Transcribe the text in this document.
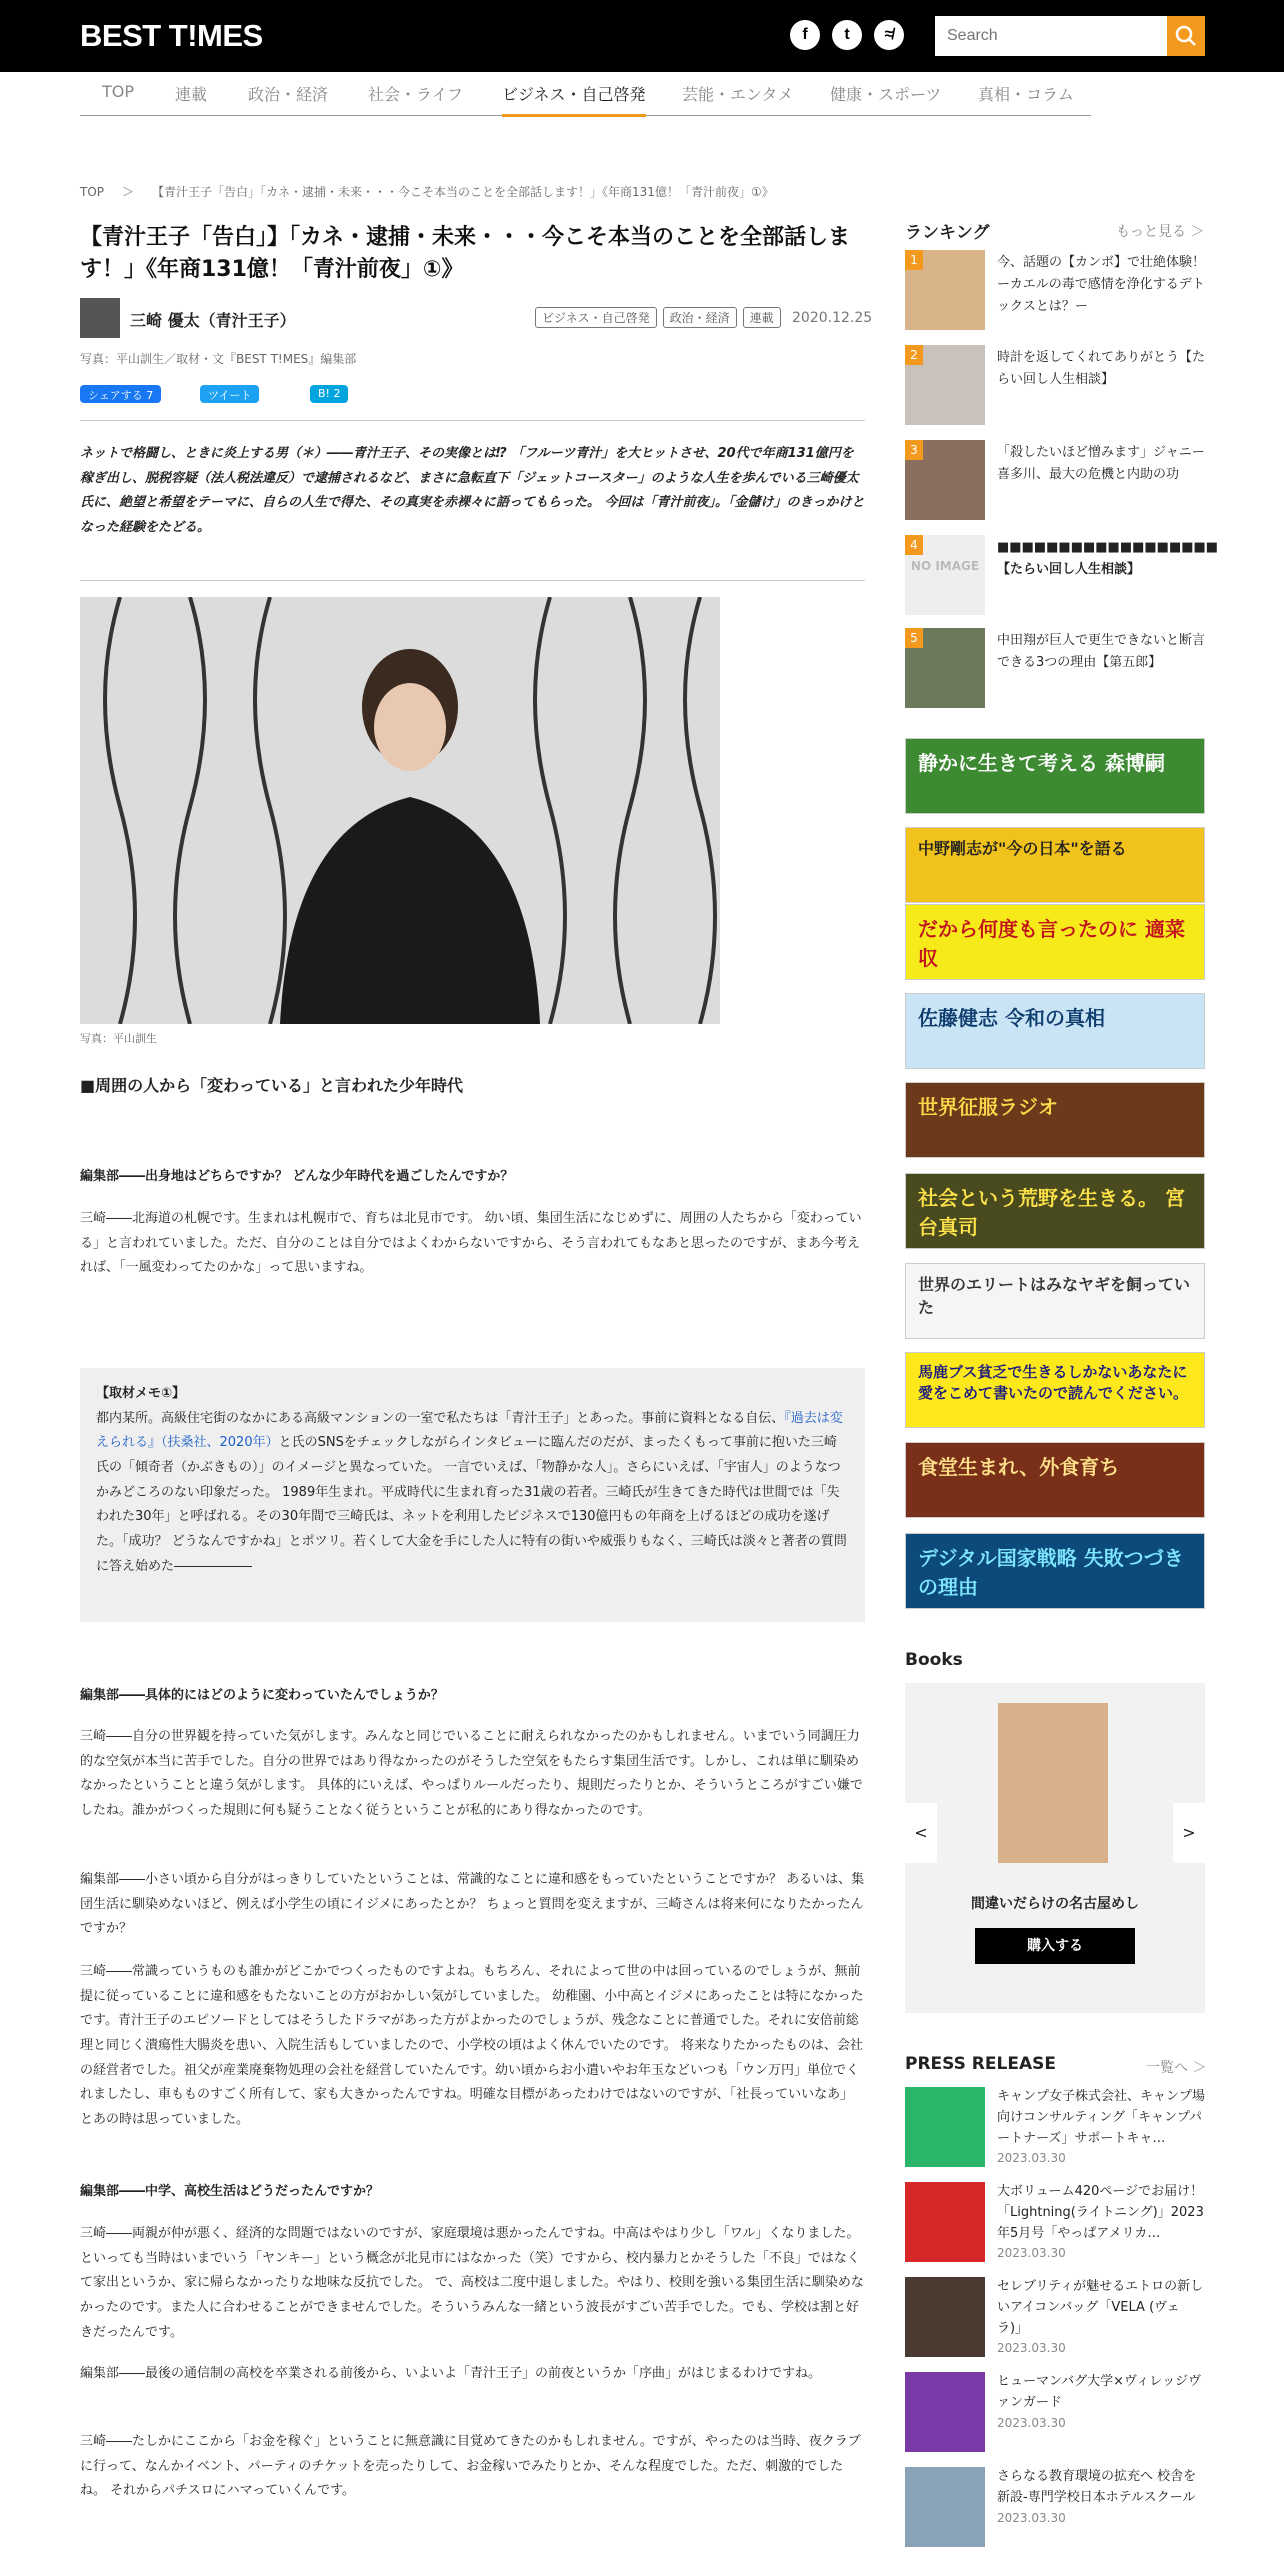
BEST T!MES	f	t	≉
Search
TOP	連載	政治・経済 社会・ライフ ビジネス・自己啓発 芸能・エンタメ 健康・スポーツ 真相・コラム
TOP ＞ 【青汁王子「告白」「カネ・逮捕・未来・・・今こそ本当のことを全部話します！」《年商131億！「青汁前夜」①》
【青汁王子「告白」】「カネ・逮捕・未来・・・今こそ本当のことを全部話します！」《年商131億！「青汁前夜」①》
三崎 優太（青汁王子）	ビジネス・自己啓発 政治・経済 連載	2020.12.25
写真：平山訓生／取材・文『BEST T!MES』編集部
シェアする 7	ツイート	B! 2

ネットで格闘し、ときに炎上する男（＊）――青汁王子、その実像とは⁉ 「フルーツ青汁」を大ヒットさせ、20代で年商131億円を稼ぎ出し、脱税容疑（法人税法違反）で逮捕されるなど、まさに急転直下「ジェットコースター」のような人生を歩んでいる三崎優太氏に、絶望と希望をテーマに、自らの人生で得た、その真実を赤裸々に語ってもらった。 今回は「青汁前夜」。「金儲け」のきっかけとなった経験をたどる。

写真：平山訓生
■周囲の人から「変わっている」と言われた少年時代

編集部――出身地はどちらですか？ どんな少年時代を過ごしたんですか？

三崎――北海道の札幌です。生まれは札幌市で、育ちは北見市です。 幼い頃、集団生活になじめずに、周囲の人たちから「変わっている」と言われていました。ただ、自分のことは自分ではよくわからないですから、そう言われてもなあと思ったのですが、まあ今考えれば、「一風変わってたのかな」って思いますね。

【取材メモ①】
都内某所。高級住宅街のなかにある高級マンションの一室で私たちは「青汁王子」とあった。事前に資料となる自伝、『過去は変えられる』（扶桑社、2020年）と氏のSNSをチェックしながらインタビューに臨んだのだが、まったくもって事前に抱いた三崎氏の「傾奇者（かぶきもの）」のイメージと異なっていた。 一言でいえば、「物静かな人」。さらにいえば、「宇宙人」のようなつかみどころのない印象だった。 1989年生まれ。平成時代に生まれ育った31歳の若者。三崎氏が生きてきた時代は世間では「失われた30年」と呼ばれる。その30年間で三崎氏は、ネットを利用したビジネスで130億円もの年商を上げるほどの成功を遂げた。「成功？ どうなんですかね」とポツリ。若くして大金を手にした人に特有の街いや威張りもなく、三崎氏は淡々と著者の質問に答え始めた――――――

編集部――具体的にはどのように変わっていたんでしょうか？

三崎――自分の世界観を持っていた気がします。みんなと同じでいることに耐えられなかったのかもしれません。いまでいう同調圧力的な空気が本当に苦手でした。自分の世界ではあり得なかったのがそうした空気をもたらす集団生活です。しかし、これは単に馴染めなかったということと違う気がします。 具体的にいえば、やっぱりルールだったり、規則だったりとか、そういうところがすごい嫌でしたね。誰かがつくった規則に何も疑うことなく従うということが私的にあり得なかったのです。

編集部――小さい頃から自分がはっきりしていたということは、常識的なことに違和感をもっていたということですか？ あるいは、集団生活に馴染めないほど、例えば小学生の頃にイジメにあったとか？ ちょっと質問を変えますが、三崎さんは将来何になりたかったんですか？

三崎――常識っていうものも誰かがどこかでつくったものですよね。もちろん、それによって世の中は回っているのでしょうが、無前提に従っていることに違和感をもたないことの方がおかしい気がしていました。 幼稚園、小中高とイジメにあったことは特になかったです。青汁王子のエピソードとしてはそうしたドラマがあった方がよかったのでしょうが、残念なことに普通でした。それに安倍前総理と同じく潰瘍性大腸炎を患い、入院生活もしていましたので、小学校の頃はよく休んでいたのです。 将来なりたかったものは、会社の経営者でした。祖父が産業廃棄物処理の会社を経営していたんです。幼い頃からお小遣いやお年玉などいつも「ウン万円」単位でくれましたし、車もものすごく所有して、家も大きかったんですね。明確な目標があったわけではないのですが、「社長っていいなあ」とあの時は思っていました。

編集部――中学、高校生活はどうだったんですか？

三崎――両親が仲が悪く、経済的な問題ではないのですが、家庭環境は悪かったんですね。中高はやはり少し「ワル」くなりました。といっても当時はいまでいう「ヤンキー」という概念が北見市にはなかった（笑）ですから、校内暴力とかそうした「不良」ではなくて家出というか、家に帰らなかったりな地味な反抗でした。 で、高校は二度中退しました。やはり、校則を強いる集団生活に馴染めなかったのです。また人に合わせることができませんでした。そういうみんな一緒という波長がすごい苦手でした。でも、学校は割と好きだったんです。

編集部――最後の通信制の高校を卒業される前後から、いよいよ「青汁王子」の前夜というか「序曲」がはじまるわけですね。

三崎――たしかにここから「お金を稼ぐ」ということに無意識に目覚めてきたのかもしれません。ですが、やったのは当時、夜クラブに行って、なんかイベント、パーティのチケットを売ったりして、お金稼いでみたりとか、そんな程度でした。ただ、刺激的でしたね。 それからパチスロにハマっていくんです。

ランキング	もっと見る ＞
1	今、話題の【カンボ】で壮絶体験！ーカエルの毒で感情を浄化するデトックスとは？ー
2	時計を返してくれてありがとう【たらい回し人生相談】
3	「殺したいほど憎みます」ジャニー喜多川、最大の危機と内助の功
NO IMAGE
4	■■■■■■■■■■■■■■■■■■【たらい回し人生相談】
5	中田翔が巨人で更生できないと断言できる3つの理由【第五郎】
静かに生きて考える 森博嗣
中野剛志が"今の日本"を語る
だから何度も言ったのに 適菜収
佐藤健志 令和の真相
世界征服ラジオ
社会という荒野を生きる。 宮台真司
世界のエリートはみなヤギを飼っていた
馬鹿ブス貧乏で生きるしかないあなたに愛をこめて書いたので読んでください。
食堂生まれ、外食育ち
デジタル国家戦略 失敗つづきの理由
Books
<	>
間違いだらけの名古屋めし
購入する
PRESS RELEASE	一覧へ ＞
キャンプ女子株式会社、キャンプ場向けコンサルティング「キャンプパートナーズ」サポートキャ…
2023.03.30
大ボリューム420ページでお届け！「Lightning(ライトニング)」2023年5月号「やっぱアメリカ…
2023.03.30
セレブリティが魅せるエトロの新しいアイコンバッグ「VELA (ヴェラ)」
2023.03.30
ヒューマンバグ大学×ヴィレッジヴァンガード
2023.03.30
さらなる教育環境の拡充へ 校舎を新設‐専門学校日本ホテルスクール
2023.03.30
